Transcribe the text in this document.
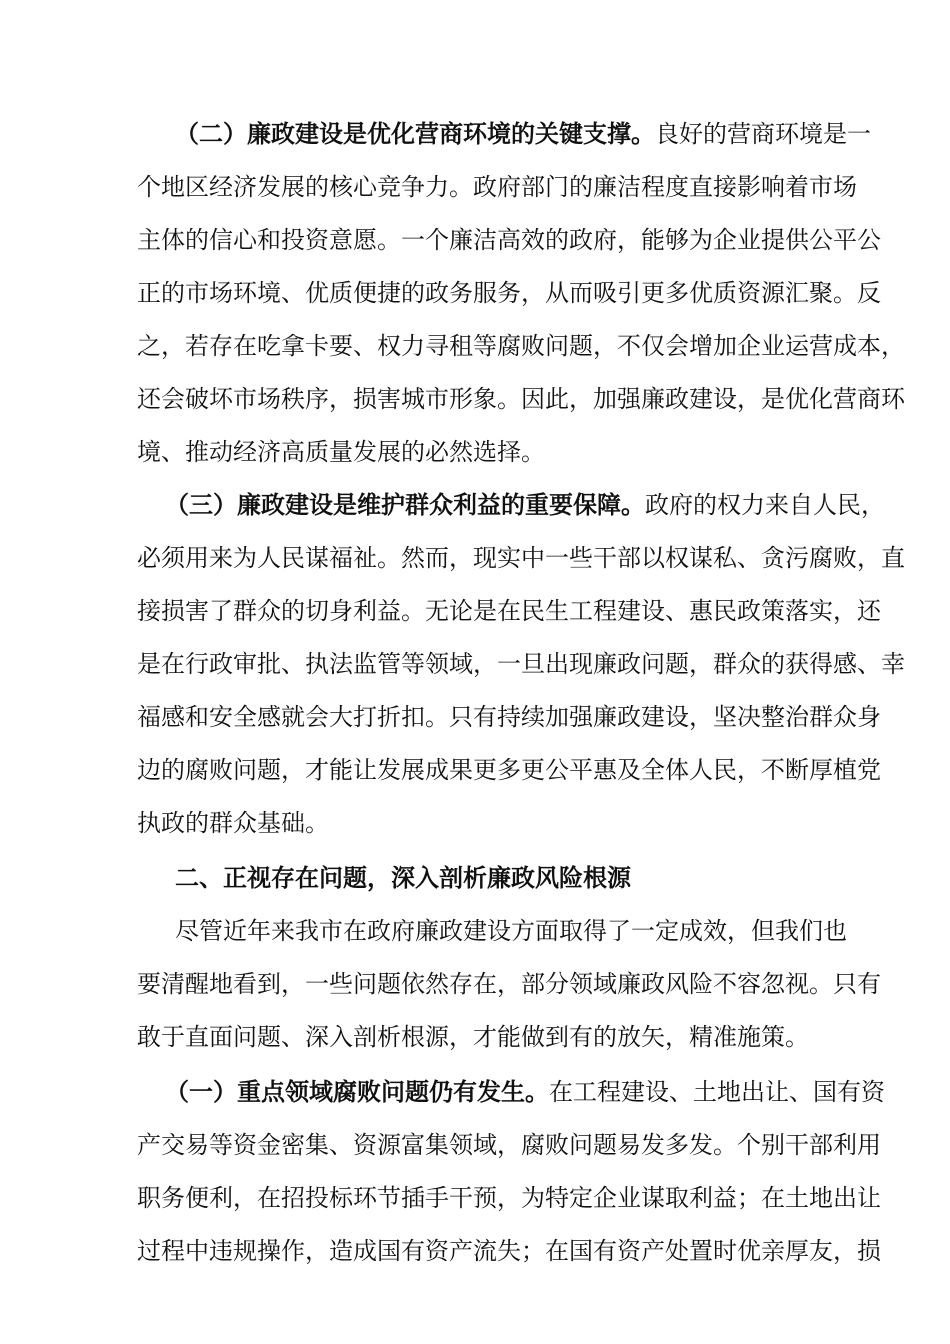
（二）廉政建设是优化营商环境的关键支撑。良好的营商环境是一
个地区经济发展的核心竞争力。政府部门的廉洁程度直接影响着市场
主体的信心和投资意愿。一个廉洁高效的政府，能够为企业提供公平公
正的市场环境、优质便捷的政务服务，从而吸引更多优质资源汇聚。反
之，若存在吃拿卡要、权力寻租等腐败问题，不仅会增加企业运营成本，
还会破坏市场秩序，损害城市形象。因此，加强廉政建设，是优化营商环
境、推动经济高质量发展的必然选择。
（三）廉政建设是维护群众利益的重要保障。政府的权力来自人民，
必须用来为人民谋福祉。然而，现实中一些干部以权谋私、贪污腐败，直
接损害了群众的切身利益。无论是在民生工程建设、惠民政策落实，还
是在行政审批、执法监管等领域，一旦出现廉政问题，群众的获得感、幸
福感和安全感就会大打折扣。只有持续加强廉政建设，坚决整治群众身
边的腐败问题，才能让发展成果更多更公平惠及全体人民，不断厚植党
执政的群众基础。
二、正视存在问题，深入剖析廉政风险根源
尽管近年来我市在政府廉政建设方面取得了一定成效，但我们也
要清醒地看到，一些问题依然存在，部分领域廉政风险不容忽视。只有
敢于直面问题、深入剖析根源，才能做到有的放矢，精准施策。
（一）重点领域腐败问题仍有发生。在工程建设、土地出让、国有资
产交易等资金密集、资源富集领域，腐败问题易发多发。个别干部利用
职务便利，在招投标环节插手干预，为特定企业谋取利益；在土地出让
过程中违规操作，造成国有资产流失；在国有资产处置时优亲厚友，损
